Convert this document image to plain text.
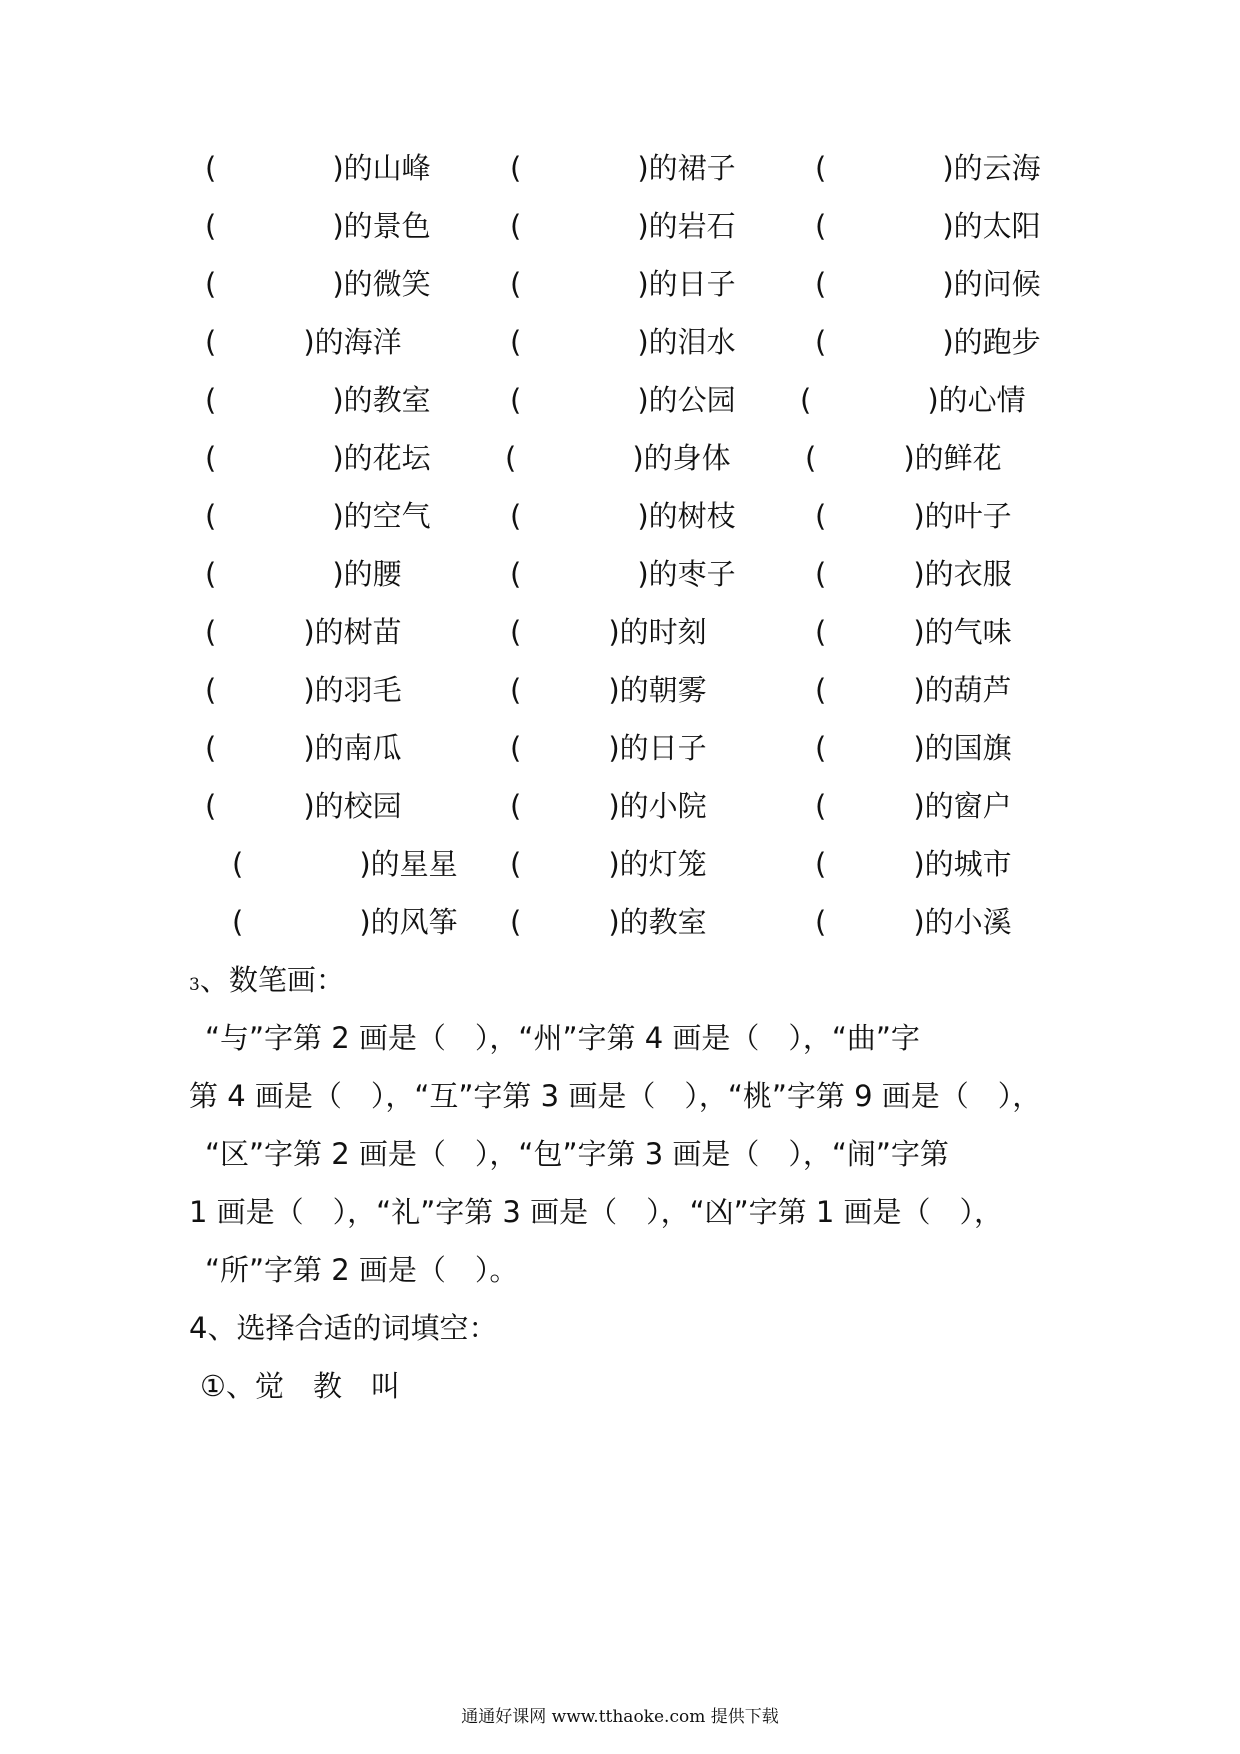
(　　　　)的山峰	(　　　　)的裙子	(　　　　)的云海
(　　　　)的景色	(　　　　)的岩石	(　　　　)的太阳
(　　　　)的微笑	(　　　　)的日子	(　　　　)的问候
(　　　)的海洋	(　　　　)的泪水	(　　　　)的跑步
(　　　　)的教室	(　　　　)的公园 (　　　　)的心情
(　　　　)的花坛	(　　　　)的身体	(　　　)的鲜花
(　　　　)的空气	(　　　　)的树枝	(　　　)的叶子
(　　　　)的腰	(　　　　)的枣子	(　　　)的衣服
(　　　)的树苗	(　　　)的时刻	(　　　)的气味
(　　　)的羽毛	(　　　)的朝雾	(　　　)的葫芦
(　　　)的南瓜	(　　　)的日子	(　　　)的国旗
(　　　)的校园	(　　　)的小院	(　　　)的窗户
(　　　　)的星星 (　　　)的灯笼	(　　　)的城市
(　　　　)的风筝 (　　　)的教室	(　　　)的小溪
3、数笔画：
“与”字第 2 画是（　），“州”字第 4 画是（　），“曲”字
第 4 画是（　），“互”字第 3 画是（　），“桃”字第 9 画是（　），
“区”字第 2 画是（　），“包”字第 3 画是（　），“闹”字第
1 画是（　），“礼”字第 3 画是（　），“凶”字第 1 画是（　），
“所”字第 2 画是（　）。
4、选择合适的词填空：
①、觉　教　叫
通通好课网 www.tthaoke.com 提供下载
